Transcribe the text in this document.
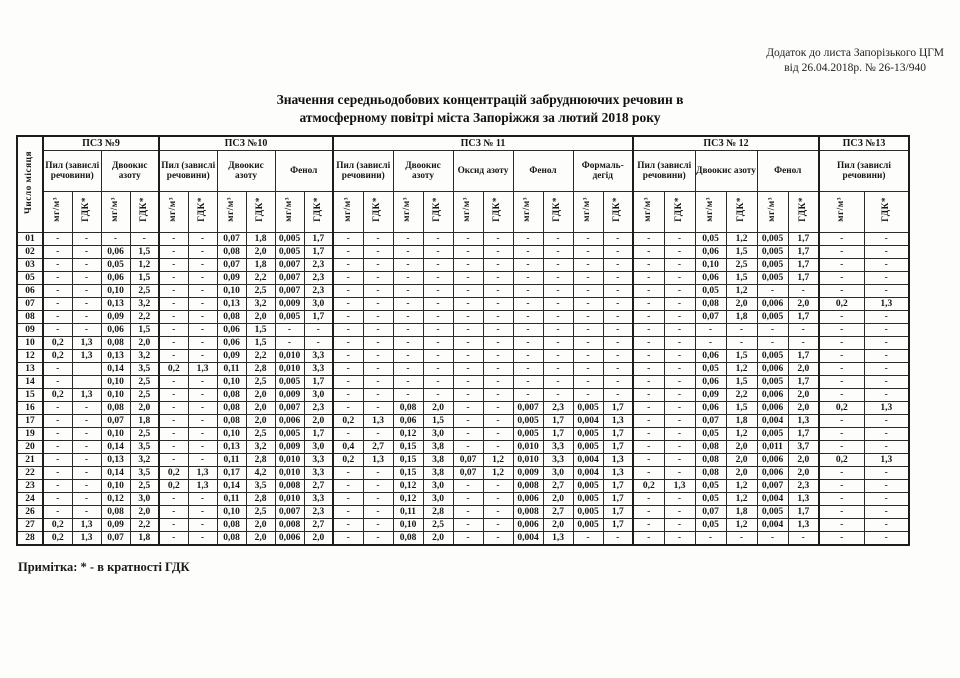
Додаток до листа Запорізького ЦГМ
від 26.04.2018р. № 26-13/940
Значення середньодобових концентрацій забруднюючих речовин в
атмосферному повітрі міста Запоріжжя за лютий 2018 року
Число місяця	ПСЗ №9				ПСЗ №10						ПСЗ № 11										ПСЗ № 12						ПСЗ №13	
	Пил (завислі речовини)		Двоокис азоту		Пил (завислі речовини)		Двоокис азоту		Фенол		Пил (завислі речовини)		Двоокис азоту		Оксид азоту		Фенол		Формаль-дегід		Пил (завислі речовини)		Двоокис азоту		Фенол		Пил (завислі речовини)	
	мг/м³	ГДК*	мг/м³	ГДК*	мг/м³	ГДК*	мг/м³	ГДК*	мг/м³	ГДК*	мг/м³	ГДК*	мг/м³	ГДК*	мг/м³	ГДК*	мг/м³	ГДК*	мг/м³	ГДК*	мг/м³	ГДК*	мг/м³	ГДК*	мг/м³	ГДК*	мг/м³	ГДК*
01	-	-	-	-	-	-	0,07	1,8	0,005	1,7	-	-	-	-	-	-	-	-	-	-	-	-	0,05	1,2	0,005	1,7	-	-
02	-	-	0,06	1,5	-	-	0,08	2,0	0,005	1,7	-	-	-	-	-	-	-	-	-	-	-	-	0,06	1,5	0,005	1,7	-	-
03	-	-	0,05	1,2	-	-	0,07	1,8	0,007	2,3	-	-	-	-	-	-	-	-	-	-	-	-	0,10	2,5	0,005	1,7	-	-
05	-	-	0,06	1,5	-	-	0,09	2,2	0,007	2,3	-	-	-	-	-	-	-	-	-	-	-	-	0,06	1,5	0,005	1,7	-	-
06	-	-	0,10	2,5	-	-	0,10	2,5	0,007	2,3	-	-	-	-	-	-	-	-	-	-	-	-	0,05	1,2	-	-	-	-
07	-	-	0,13	3,2	-	-	0,13	3,2	0,009	3,0	-	-	-	-	-	-	-	-	-	-	-	-	0,08	2,0	0,006	2,0	0,2	1,3
08	-	-	0,09	2,2	-	-	0,08	2,0	0,005	1,7	-	-	-	-	-	-	-	-	-	-	-	-	0,07	1,8	0,005	1,7	-	-
09	-	-	0,06	1,5	-	-	0,06	1,5	-	-	-	-	-	-	-	-	-	-	-	-	-	-	-	-	-	-	-	-
10	0,2	1,3	0,08	2,0	-	-	0,06	1,5	-	-	-	-	-	-	-	-	-	-	-	-	-	-	-	-	-	-	-	-
12	0,2	1,3	0,13	3,2	-	-	0,09	2,2	0,010	3,3	-	-	-	-	-	-	-	-	-	-	-	-	0,06	1,5	0,005	1,7	-	-
13	-		0,14	3,5	0,2	1,3	0,11	2,8	0,010	3,3	-	-	-	-	-	-	-	-	-	-	-	-	0,05	1,2	0,006	2,0	-	-
14	-		0,10	2,5	-	-	0,10	2,5	0,005	1,7	-	-	-	-	-	-	-	-	-	-	-	-	0,06	1,5	0,005	1,7	-	-
15	0,2	1,3	0,10	2,5	-	-	0,08	2,0	0,009	3,0	-	-	-	-	-	-	-	-	-	-	-	-	0,09	2,2	0,006	2,0	-	-
16	-	-	0,08	2,0	-	-	0,08	2,0	0,007	2,3	-	-	0,08	2,0	-	-	0,007	2,3	0,005	1,7	-	-	0,06	1,5	0,006	2,0	0,2	1,3
17	-	-	0,07	1,8	-	-	0,08	2,0	0,006	2,0	0,2	1,3	0,06	1,5	-	-	0,005	1,7	0,004	1,3	-	-	0,07	1,8	0,004	1,3	-	-
19	-	-	0,10	2,5	-	-	0,10	2,5	0,005	1,7	-	-	0,12	3,0	-	-	0,005	1,7	0,005	1,7	-	-	0,05	1,2	0,005	1,7	-	-
20	-	-	0,14	3,5	-	-	0,13	3,2	0,009	3,0	0,4	2,7	0,15	3,8	-	-	0,010	3,3	0,005	1,7	-	-	0,08	2,0	0,011	3,7	-	-
21	-	-	0,13	3,2	-	-	0,11	2,8	0,010	3,3	0,2	1,3	0,15	3,8	0,07	1,2	0,010	3,3	0,004	1,3	-	-	0,08	2,0	0,006	2,0	0,2	1,3
22	-	-	0,14	3,5	0,2	1,3	0,17	4,2	0,010	3,3	-	-	0,15	3,8	0,07	1,2	0,009	3,0	0,004	1,3	-	-	0,08	2,0	0,006	2,0	-	-
23	-	-	0,10	2,5	0,2	1,3	0,14	3,5	0,008	2,7	-	-	0,12	3,0	-	-	0,008	2,7	0,005	1,7	0,2	1,3	0,05	1,2	0,007	2,3	-	-
24	-	-	0,12	3,0	-	-	0,11	2,8	0,010	3,3	-	-	0,12	3,0	-	-	0,006	2,0	0,005	1,7	-	-	0,05	1,2	0,004	1,3	-	-
26	-	-	0,08	2,0	-	-	0,10	2,5	0,007	2,3	-	-	0,11	2,8	-	-	0,008	2,7	0,005	1,7	-	-	0,07	1,8	0,005	1,7	-	-
27	0,2	1,3	0,09	2,2	-	-	0,08	2,0	0,008	2,7	-	-	0,10	2,5	-	-	0,006	2,0	0,005	1,7	-	-	0,05	1,2	0,004	1,3	-	-
28	0,2	1,3	0,07	1,8	-	-	0,08	2,0	0,006	2,0	-	-	0,08	2,0	-	-	0,004	1,3	-	-	-	-	-	-	-	-	-	-
Примітка: * - в кратності ГДК
